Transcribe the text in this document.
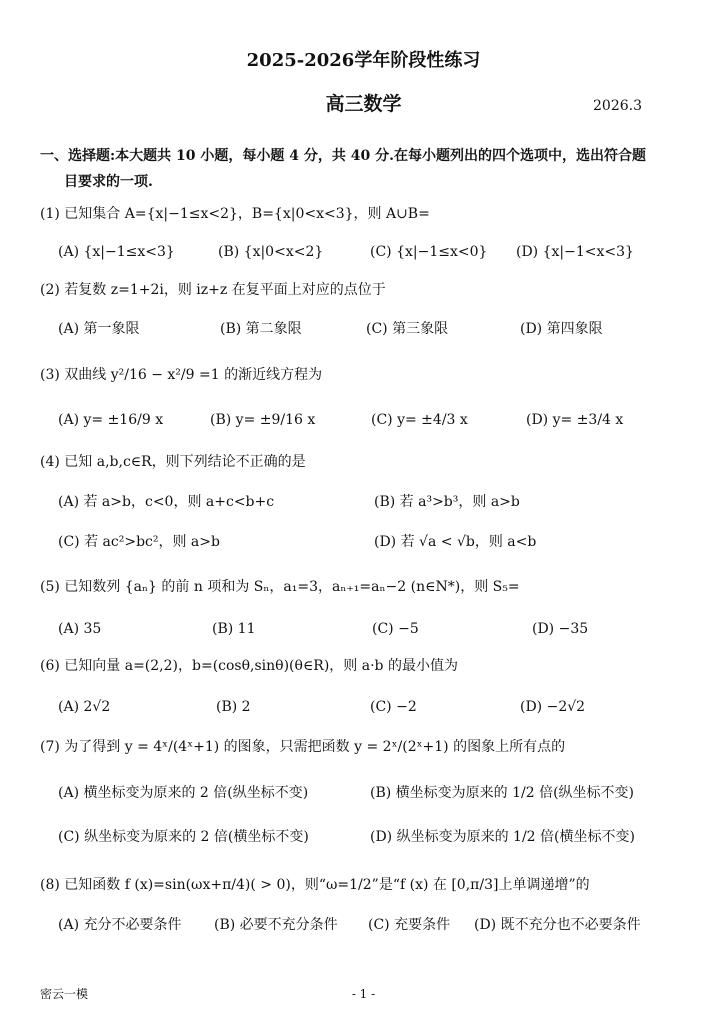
2025-2026学年阶段性练习
高三数学	2026.3
一、选择题:本大题共 10 小题，每小题 4 分，共 40 分.在每小题列出的四个选项中，选出符合题
目要求的一项.
(1) 已知集合 A={x|−1≤x<2}，B={x|0<x<3}，则 A∪B=
(A) {x|−1≤x<3}	(B) {x|0<x<2}	(C) {x|−1≤x<0} (D) {x|−1<x<3}
(2) 若复数 z=1+2i，则 iz+z 在复平面上对应的点位于
(A) 第一象限	(B) 第二象限	(C) 第三象限	(D) 第四象限
(3) 双曲线 y²/16 − x²/9 =1 的渐近线方程为
(A) y= ±16/9 x	(B) y= ±9/16 x	(C) y= ±4/3 x	(D) y= ±3/4 x
(4) 已知 a,b,c∈R，则下列结论不正确的是
(A) 若 a>b，c<0，则 a+c<b+c	(B) 若 a³>b³，则 a>b
(C) 若 ac²>bc²，则 a>b	(D) 若 √a < √b，则 a<b
(5) 已知数列 {aₙ} 的前 n 项和为 Sₙ，a₁=3，aₙ₊₁=aₙ−2 (n∈N*)，则 S₅=
(A) 35	(B) 11	(C) −5	(D) −35
(6) 已知向量 a=(2,2)，b=(cosθ,sinθ)(θ∈R)，则 a·b 的最小值为
(A) 2√2	(B) 2	(C) −2	(D) −2√2
(7) 为了得到 y = 4ˣ/(4ˣ+1) 的图象，只需把函数 y = 2ˣ/(2ˣ+1) 的图象上所有点的
(A) 横坐标变为原来的 2 倍(纵坐标不变)	(B) 横坐标变为原来的 1/2 倍(纵坐标不变)
(C) 纵坐标变为原来的 2 倍(横坐标不变)	(D) 纵坐标变为原来的 1/2 倍(横坐标不变)
(8) 已知函数 f (x)=sin(ωx+π/4)( > 0)，则“ω=1/2”是“f (x) 在 [0,π/3]上单调递增”的
(A) 充分不必要条件 (B) 必要不充分条件 (C) 充要条件 (D) 既不充分也不必要条件
密云一模	- 1 -
